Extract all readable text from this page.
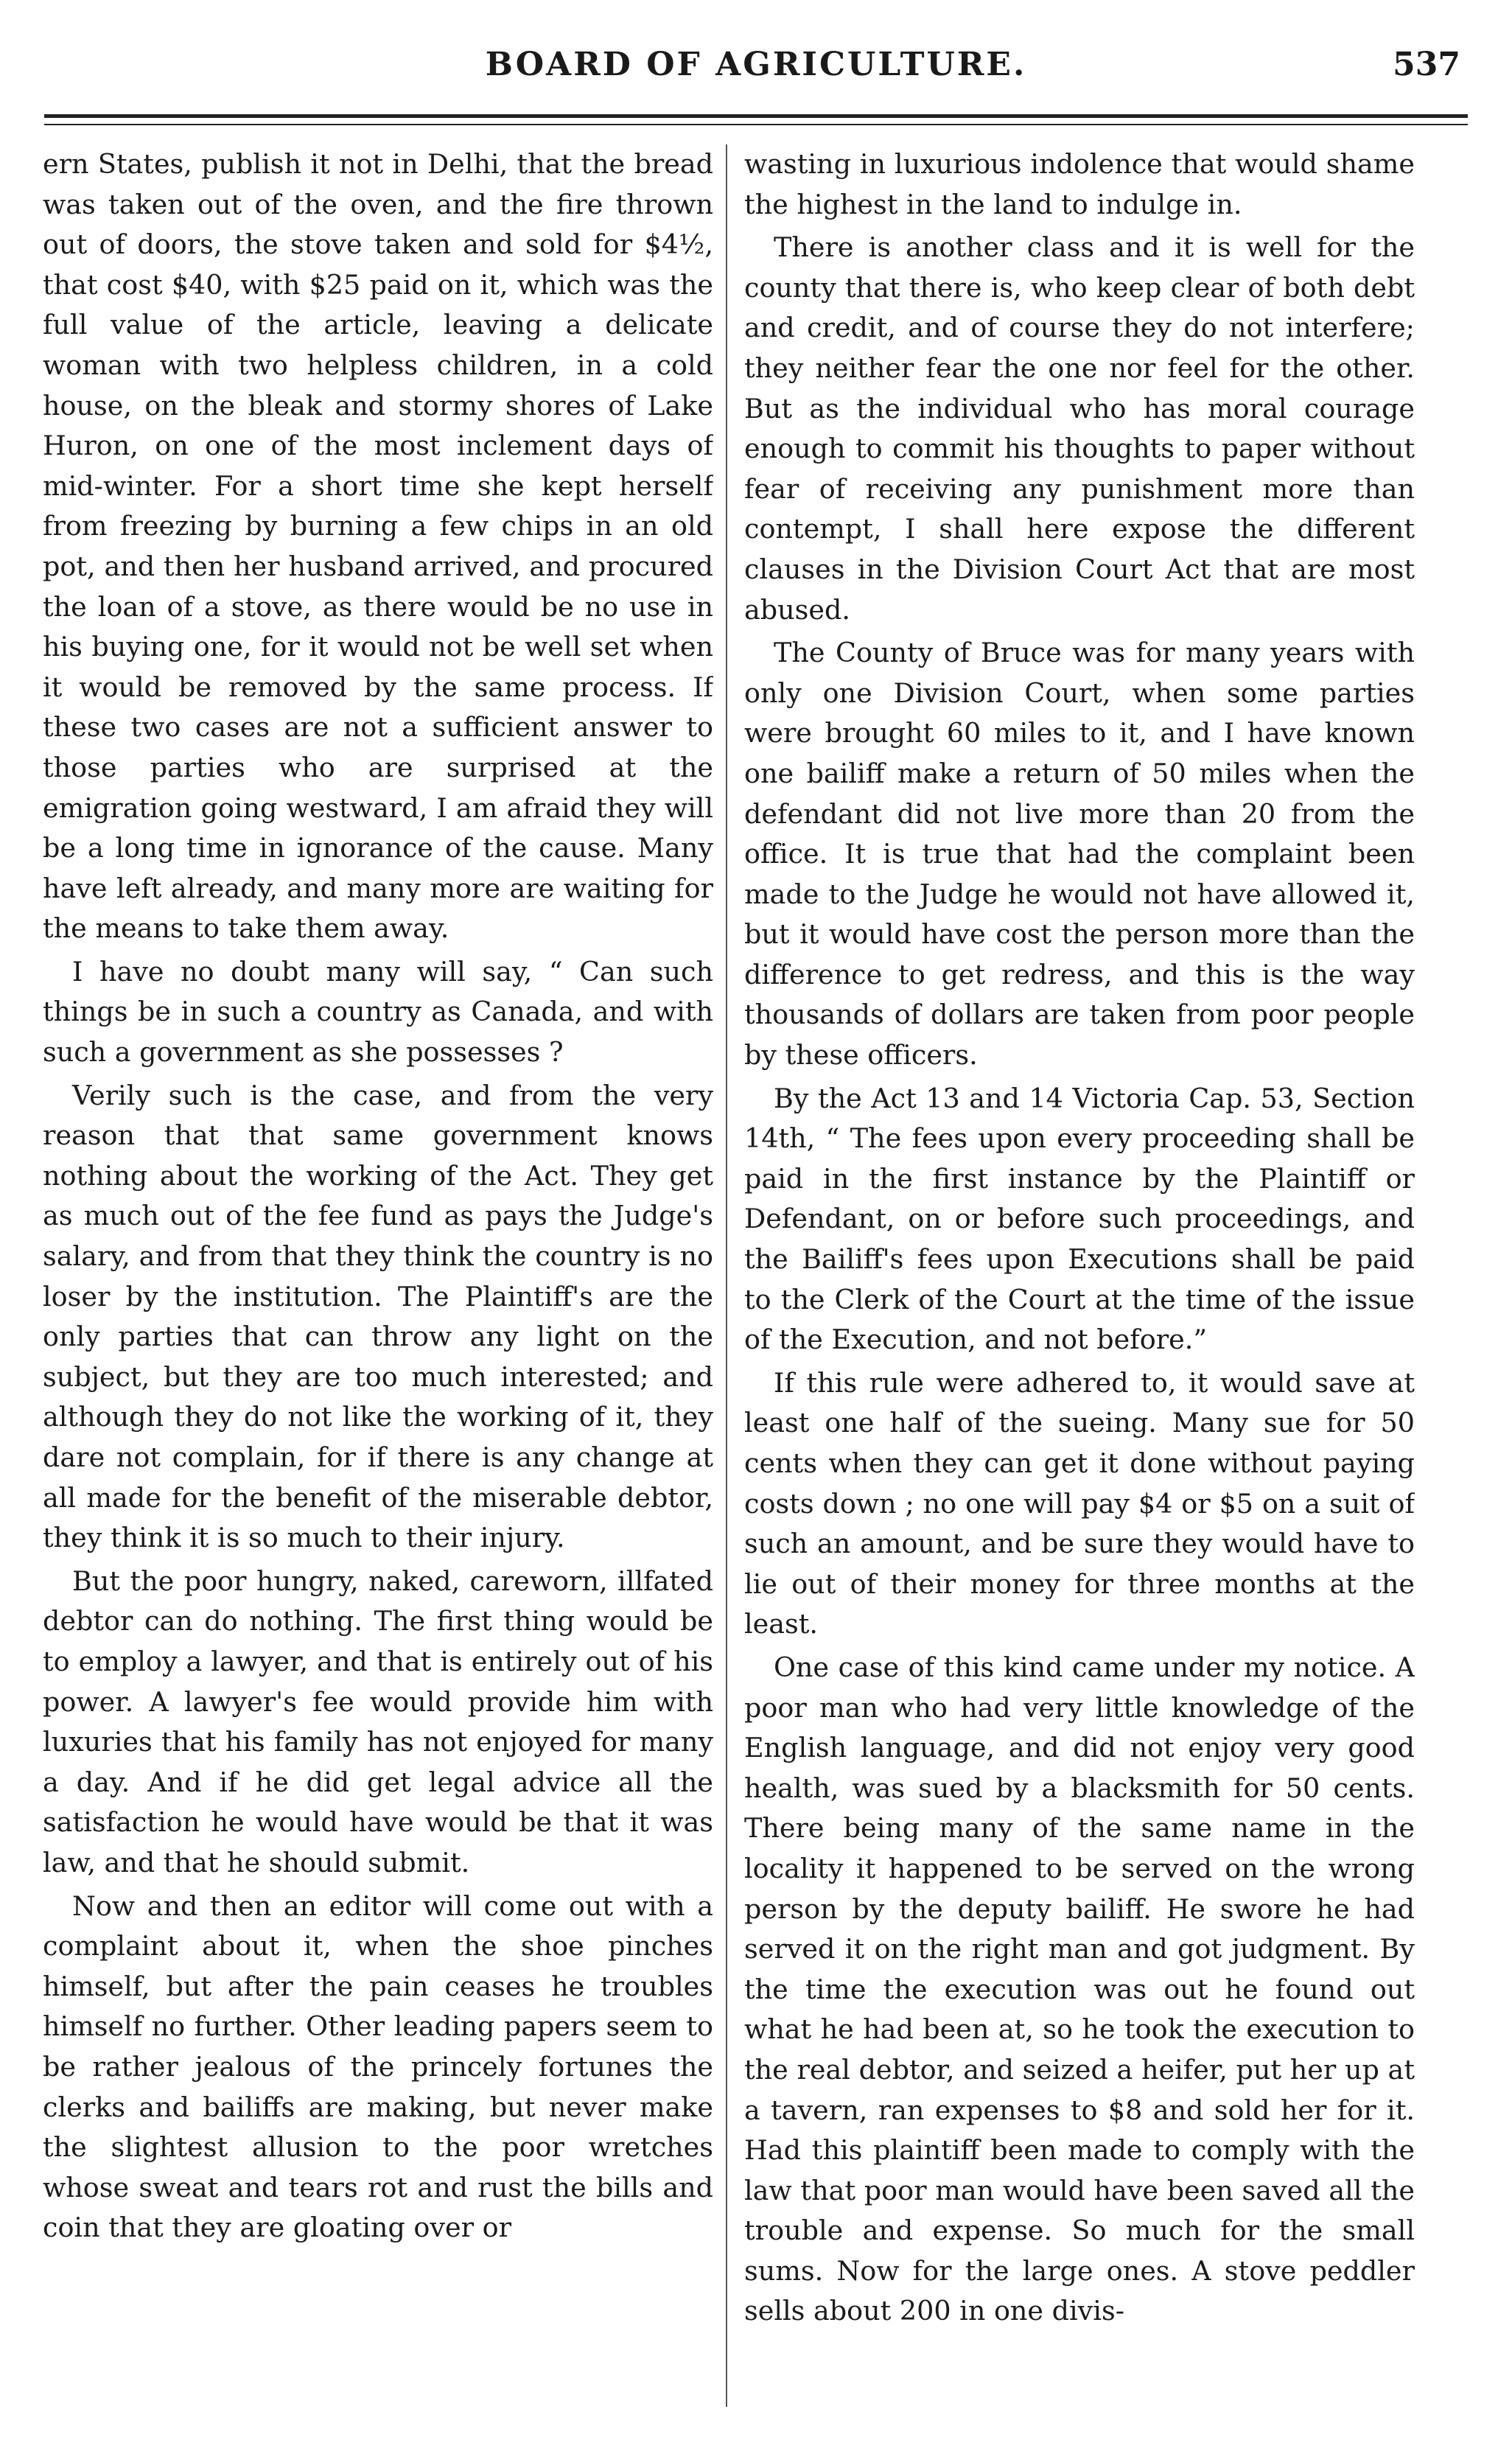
BOARD OF AGRICULTURE.	537

ern States, publish it not in Delhi, that the bread was taken out of the oven, and the fire thrown out of doors, the stove taken and sold for $4½, that cost $40, with $25 paid on it, which was the full value of the article, leaving a delicate woman with two helpless children, in a cold house, on the bleak and stormy shores of Lake Huron, on one of the most inclement days of mid-winter. For a short time she kept herself from freezing by burning a few chips in an old pot, and then her husband arrived, and procured the loan of a stove, as there would be no use in his buying one, for it would not be well set when it would be removed by the same process. If these two cases are not a sufficient answer to those parties who are surprised at the emigration going westward, I am afraid they will be a long time in ignorance of the cause. Many have left already, and many more are waiting for the means to take them away.

I have no doubt many will say, “ Can such things be in such a country as Canada, and with such a government as she possesses ?

Verily such is the case, and from the very reason that that same government knows nothing about the working of the Act. They get as much out of the fee fund as pays the Judge's salary, and from that they think the country is no loser by the institution. The Plaintiff's are the only parties that can throw any light on the subject, but they are too much interested; and although they do not like the working of it, they dare not complain, for if there is any change at all made for the benefit of the miserable debtor, they think it is so much to their injury.

But the poor hungry, naked, careworn, illfated debtor can do nothing. The first thing would be to employ a lawyer, and that is entirely out of his power. A lawyer's fee would provide him with luxuries that his family has not enjoyed for many a day. And if he did get legal advice all the satisfaction he would have would be that it was law, and that he should submit.

Now and then an editor will come out with a complaint about it, when the shoe pinches himself, but after the pain ceases he troubles himself no further. Other leading papers seem to be rather jealous of the princely fortunes the clerks and bailiffs are making, but never make the slightest allusion to the poor wretches whose sweat and tears rot and rust the bills and coin that they are gloating over or

wasting in luxurious indolence that would shame the highest in the land to indulge in.

There is another class and it is well for the county that there is, who keep clear of both debt and credit, and of course they do not interfere; they neither fear the one nor feel for the other. But as the individual who has moral courage enough to commit his thoughts to paper without fear of receiving any punishment more than contempt, I shall here expose the different clauses in the Division Court Act that are most abused.

The County of Bruce was for many years with only one Division Court, when some parties were brought 60 miles to it, and I have known one bailiff make a return of 50 miles when the defendant did not live more than 20 from the office. It is true that had the complaint been made to the Judge he would not have allowed it, but it would have cost the person more than the difference to get redress, and this is the way thousands of dollars are taken from poor people by these officers.

By the Act 13 and 14 Victoria Cap. 53, Section 14th, “ The fees upon every proceeding shall be paid in the first instance by the Plaintiff or Defendant, on or before such proceedings, and the Bailiff's fees upon Executions shall be paid to the Clerk of the Court at the time of the issue of the Execution, and not before.”

If this rule were adhered to, it would save at least one half of the sueing. Many sue for 50 cents when they can get it done without paying costs down ; no one will pay $4 or $5 on a suit of such an amount, and be sure they would have to lie out of their money for three months at the least.

One case of this kind came under my notice. A poor man who had very little knowledge of the English language, and did not enjoy very good health, was sued by a blacksmith for 50 cents. There being many of the same name in the locality it happened to be served on the wrong person by the deputy bailiff. He swore he had served it on the right man and got judgment. By the time the execution was out he found out what he had been at, so he took the execution to the real debtor, and seized a heifer, put her up at a tavern, ran expenses to $8 and sold her for it. Had this plaintiff been made to comply with the law that poor man would have been saved all the trouble and expense. So much for the small sums. Now for the large ones. A stove peddler sells about 200 in one divis-
